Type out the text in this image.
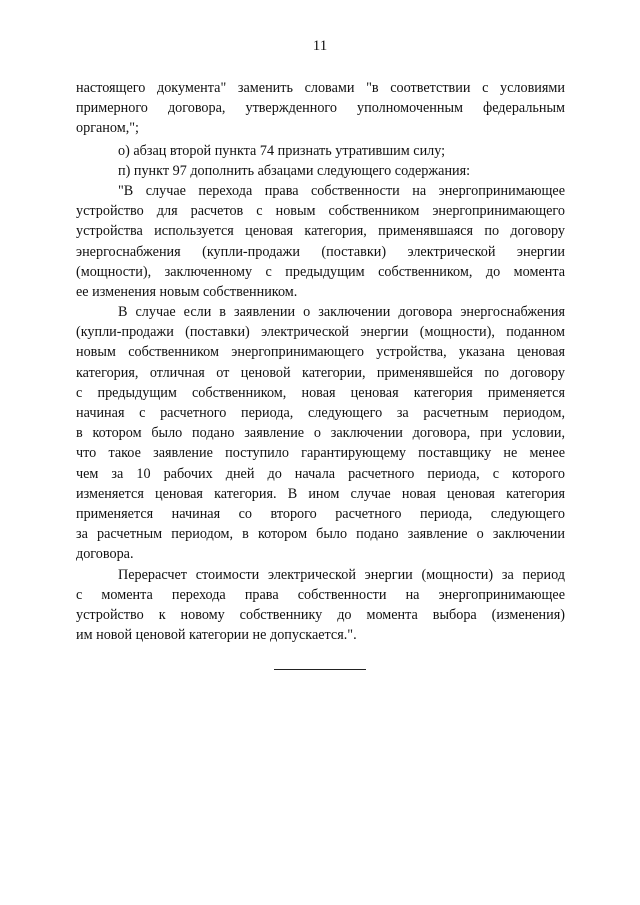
11
настоящего документа" заменить словами "в соответствии с условиями
примерного договора, утвержденного уполномоченным федеральным
органом,";
о) абзац второй пункта 74 признать утратившим силу;
п) пункт 97 дополнить абзацами следующего содержания:
"В случае перехода права собственности на энергопринимающее
устройство для расчетов с новым собственником энергопринимающего
устройства используется ценовая категория, применявшаяся по договору
энергоснабжения (купли-продажи (поставки) электрической энергии
(мощности), заключенному с предыдущим собственником, до момента
ее изменения новым собственником.
В случае если в заявлении о заключении договора энергоснабжения
(купли-продажи (поставки) электрической энергии (мощности), поданном
новым собственником энергопринимающего устройства, указана ценовая
категория, отличная от ценовой категории, применявшейся по договору
с предыдущим собственником, новая ценовая категория применяется
начиная с расчетного периода, следующего за расчетным периодом,
в котором было подано заявление о заключении договора, при условии,
что такое заявление поступило гарантирующему поставщику не менее
чем за 10 рабочих дней до начала расчетного периода, с которого
изменяется ценовая категория. В ином случае новая ценовая категория
применяется начиная со второго расчетного периода, следующего
за расчетным периодом, в котором было подано заявление о заключении
договора.
Перерасчет стоимости электрической энергии (мощности) за период
с момента перехода права собственности на энергопринимающее
устройство к новому собственнику до момента выбора (изменения)
им новой ценовой категории не допускается.".
